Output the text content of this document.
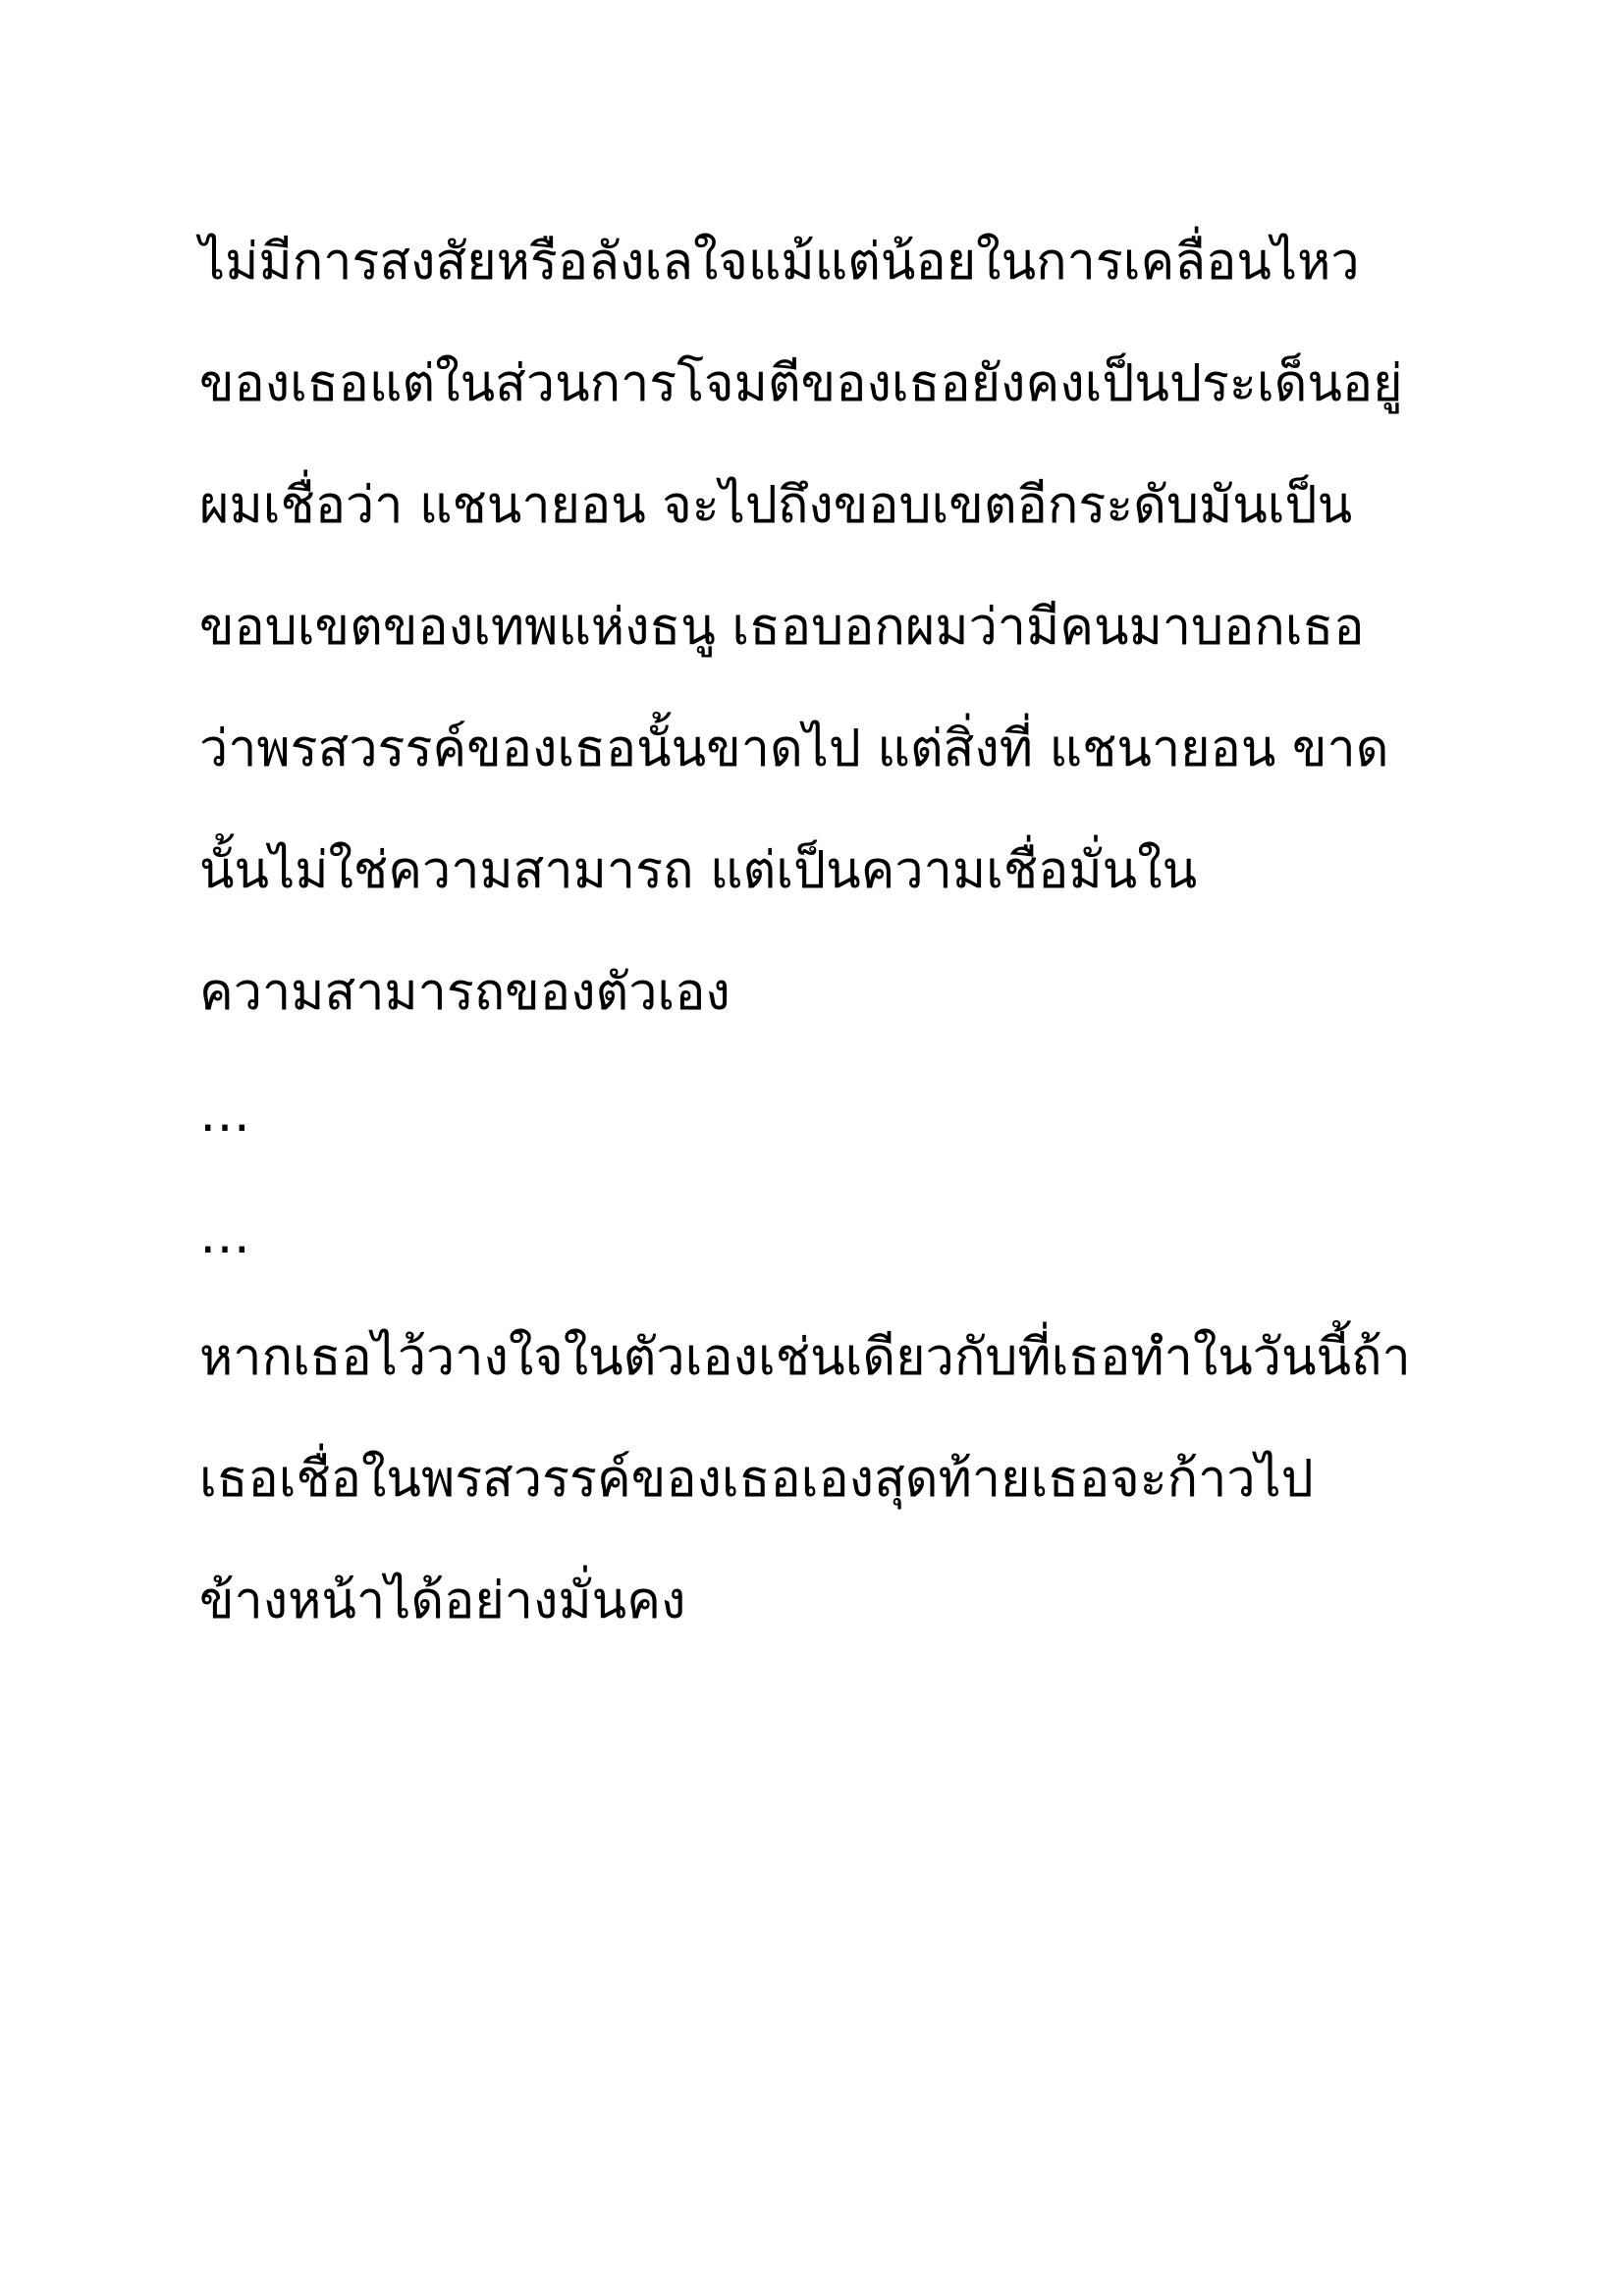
ไม่มีการสงสัยหรือลังเลใจแม้แต่น้อยในการเคลื่อนไหว
ของเธอแต่ในส่วนการโจมตีของเธอยังคงเป็นประเด็นอยู่
ผมเชื่อว่า แชนายอน จะไปถึงขอบเขตอีกระดับมันเป็น
ขอบเขตของเทพแห่งธนู เธอบอกผมว่ามีคนมาบอกเธอ
ว่าพรสวรรค์ของเธอนั้นขาดไป แต่สิ่งที่ แชนายอน ขาด
นั้นไม่ใช่ความสามารถ แต่เป็นความเชื่อมั่นใน
ความสามารถของตัวเอง
…
…
หากเธอไว้วางใจในตัวเองเช่นเดียวกับที่เธอทำในวันนี้ถ้า
เธอเชื่อในพรสวรรค์ของเธอเองสุดท้ายเธอจะก้าวไป
ข้างหน้าได้อย่างมั่นคง
